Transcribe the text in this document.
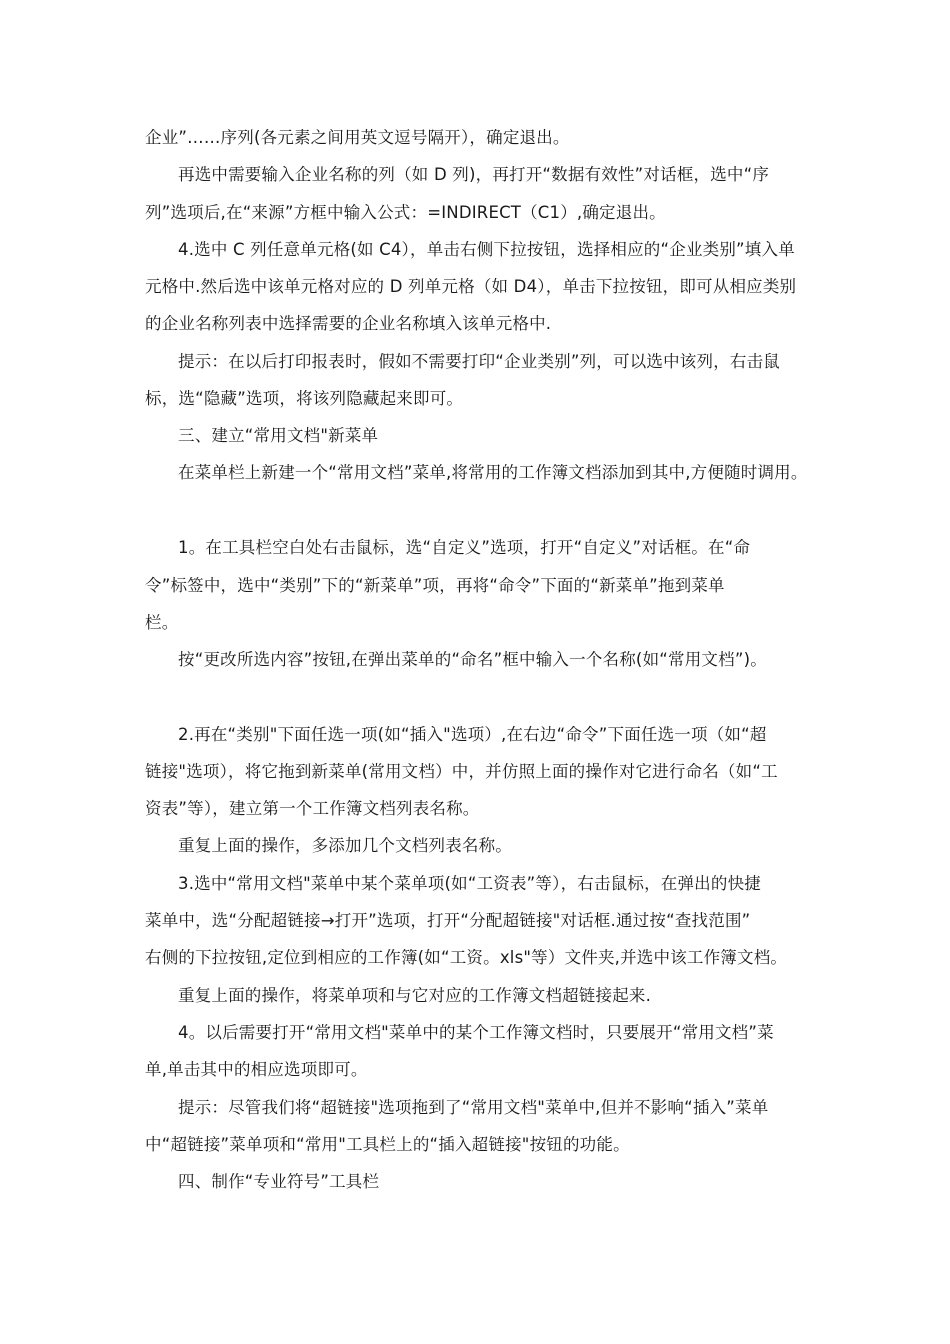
企业”……序列(各元素之间用英文逗号隔开），确定退出。
再选中需要输入企业名称的列（如 D 列)，再打开“数据有效性”对话框，选中“序
列”选项后,在“来源”方框中输入公式：=INDIRECT（C1）,确定退出。
4.选中 C 列任意单元格(如 C4），单击右侧下拉按钮，选择相应的“企业类别”填入单
元格中.然后选中该单元格对应的 D 列单元格（如 D4），单击下拉按钮，即可从相应类别
的企业名称列表中选择需要的企业名称填入该单元格中.
提示：在以后打印报表时，假如不需要打印“企业类别”列，可以选中该列，右击鼠
标，选“隐藏”选项，将该列隐藏起来即可。
三、建立“常用文档"新菜单
在菜单栏上新建一个“常用文档”菜单,将常用的工作簿文档添加到其中,方便随时调用。
1。在工具栏空白处右击鼠标，选“自定义”选项，打开“自定义”对话框。在“命
令”标签中，选中“类别”下的“新菜单”项，再将“命令”下面的“新菜单”拖到菜单
栏。
按“更改所选内容”按钮,在弹出菜单的“命名”框中输入一个名称(如“常用文档”)。
2.再在“类别"下面任选一项(如“插入"选项）,在右边“命令”下面任选一项（如“超
链接"选项），将它拖到新菜单(常用文档）中，并仿照上面的操作对它进行命名（如“工
资表”等），建立第一个工作簿文档列表名称。
重复上面的操作，多添加几个文档列表名称。
3.选中“常用文档"菜单中某个菜单项(如“工资表”等），右击鼠标，在弹出的快捷
菜单中，选“分配超链接→打开”选项，打开“分配超链接"对话框.通过按“查找范围”
右侧的下拉按钮,定位到相应的工作簿(如“工资。xls"等）文件夹,并选中该工作簿文档。
重复上面的操作，将菜单项和与它对应的工作簿文档超链接起来.
4。以后需要打开“常用文档"菜单中的某个工作簿文档时，只要展开“常用文档”菜
单,单击其中的相应选项即可。
提示：尽管我们将“超链接"选项拖到了“常用文档"菜单中,但并不影响“插入”菜单
中“超链接”菜单项和“常用"工具栏上的“插入超链接"按钮的功能。
四、制作“专业符号”工具栏
